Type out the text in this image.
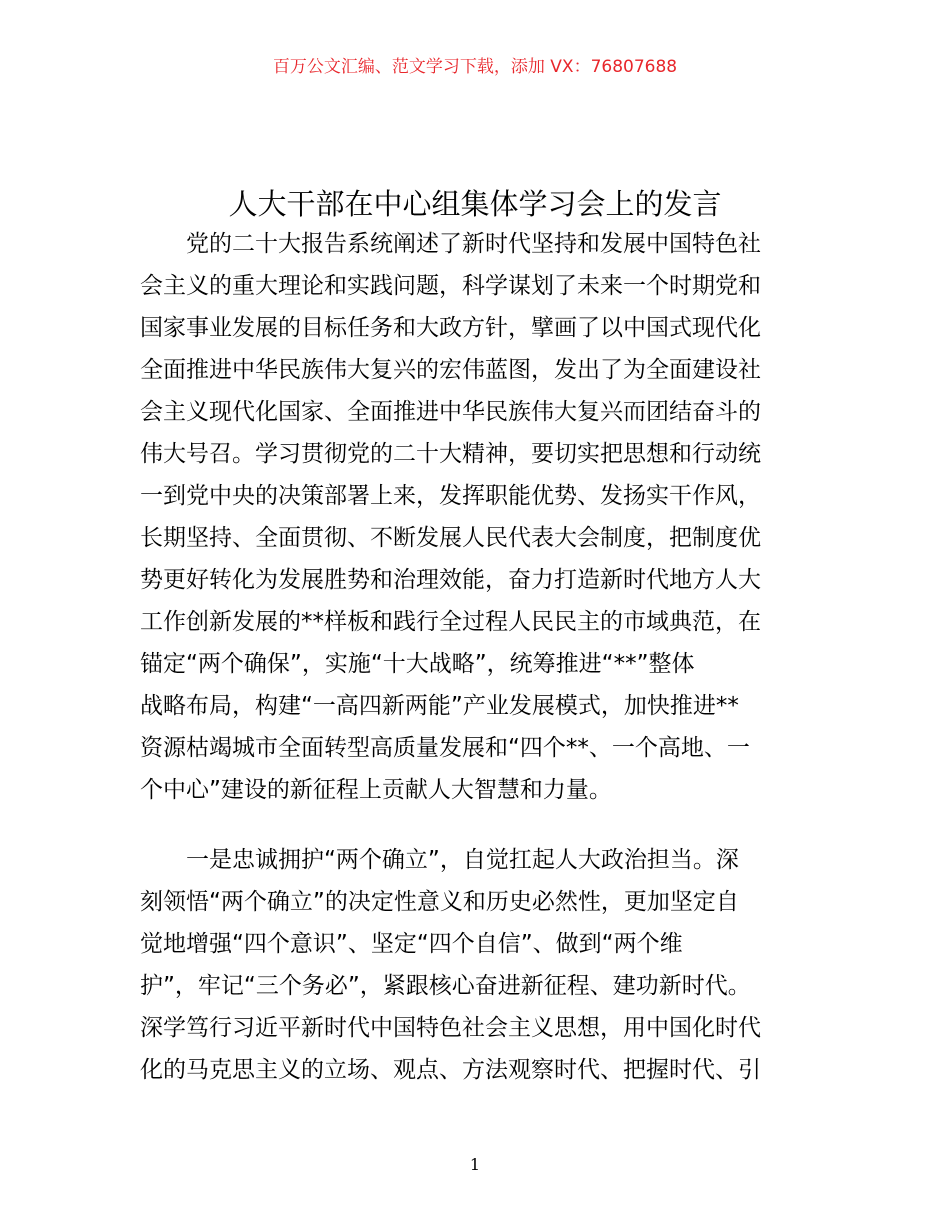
百万公文汇编、范文学习下载，添加 VX：76807688
人大干部在中心组集体学习会上的发言
　　党的二十大报告系统阐述了新时代坚持和发展中国特色社
会主义的重大理论和实践问题，科学谋划了未来一个时期党和
国家事业发展的目标任务和大政方针，擘画了以中国式现代化
全面推进中华民族伟大复兴的宏伟蓝图，发出了为全面建设社
会主义现代化国家、全面推进中华民族伟大复兴而团结奋斗的
伟大号召。学习贯彻党的二十大精神，要切实把思想和行动统
一到党中央的决策部署上来，发挥职能优势、发扬实干作风，
长期坚持、全面贯彻、不断发展人民代表大会制度，把制度优
势更好转化为发展胜势和治理效能，奋力打造新时代地方人大
工作创新发展的**样板和践行全过程人民民主的市域典范，在
锚定“两个确保”，实施“十大战略”，统筹推进“**”整体
战略布局，构建“一高四新两能”产业发展模式，加快推进**
资源枯竭城市全面转型高质量发展和“四个**、一个高地、一
个中心”建设的新征程上贡献人大智慧和力量。
　　一是忠诚拥护“两个确立”，自觉扛起人大政治担当。深
刻领悟“两个确立”的决定性意义和历史必然性，更加坚定自
觉地增强“四个意识”、坚定“四个自信”、做到“两个维
护”，牢记“三个务必”，紧跟核心奋进新征程、建功新时代。
深学笃行习近平新时代中国特色社会主义思想，用中国化时代
化的马克思主义的立场、观点、方法观察时代、把握时代、引
1
